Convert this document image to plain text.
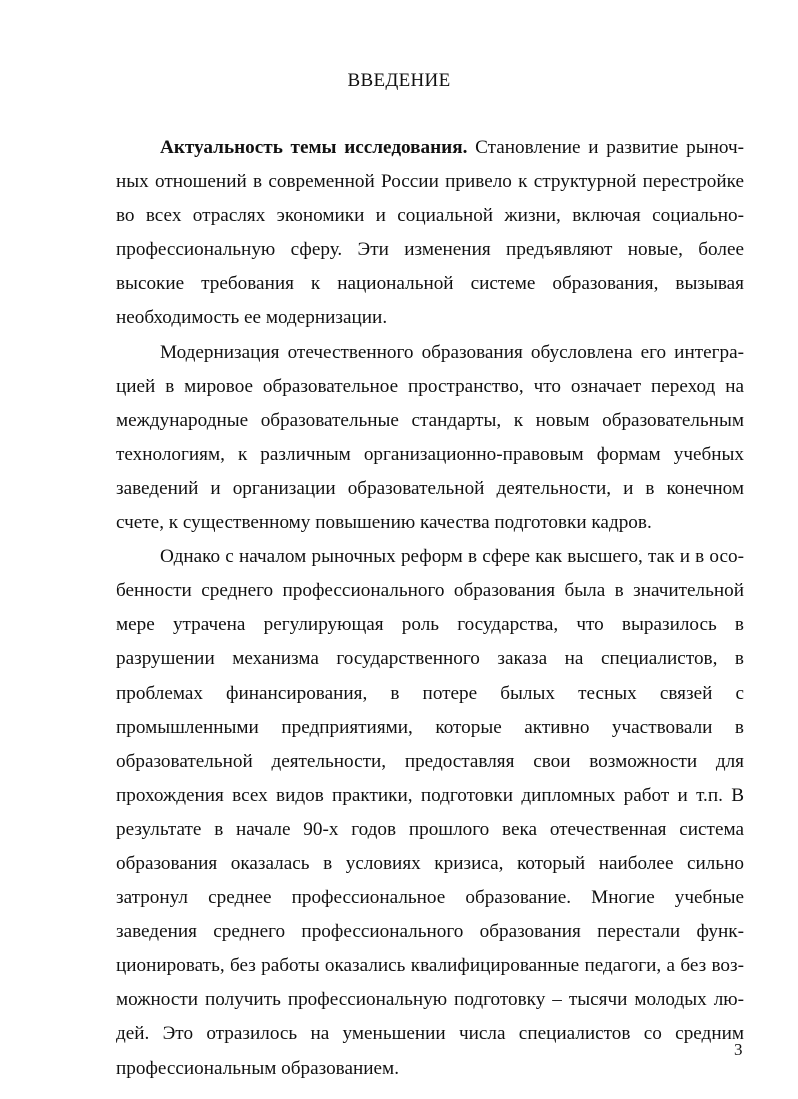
ВВЕДЕНИЕ

Актуальность темы исследования. Становление и развитие рыночных отношений в современной России привело к структурной перестройке во всех отраслях экономики и социальной жизни, включая социально-профессиональную сферу. Эти изменения предъявляют новые, более высокие требования к национальной системе образования, вызывая необходимость ее модернизации.

Модернизация отечественного образования обусловлена его интеграцией в мировое образовательное пространство, что означает переход на международные образовательные стандарты, к новым образовательным технологиям, к различным организационно-правовым формам учебных заведений и организации образовательной деятельности, и в конечном счете, к существенному повышению качества подготовки кадров.

Однако с началом рыночных реформ в сфере как высшего, так и в особенности среднего профессионального образования была в значительной мере утрачена регулирующая роль государства, что выразилось в разрушении механизма государственного заказа на специалистов, в проблемах финансирования, в потере былых тесных связей с промышленными предприятиями, которые активно участвовали в образовательной деятельности, предоставляя свои возможности для прохождения всех видов практики, подготовки дипломных работ и т.п. В результате в начале 90-х годов прошлого века отечественная система образования оказалась в условиях кризиса, который наиболее сильно затронул среднее профессиональное образование. Многие учебные заведения среднего профессионального образования перестали функционировать, без работы оказались квалифицированные педагоги, а без возможности получить профессиональную подготовку – тысячи молодых людей. Это отразилось на уменьшении числа специалистов со средним профессиональным образованием.

3
